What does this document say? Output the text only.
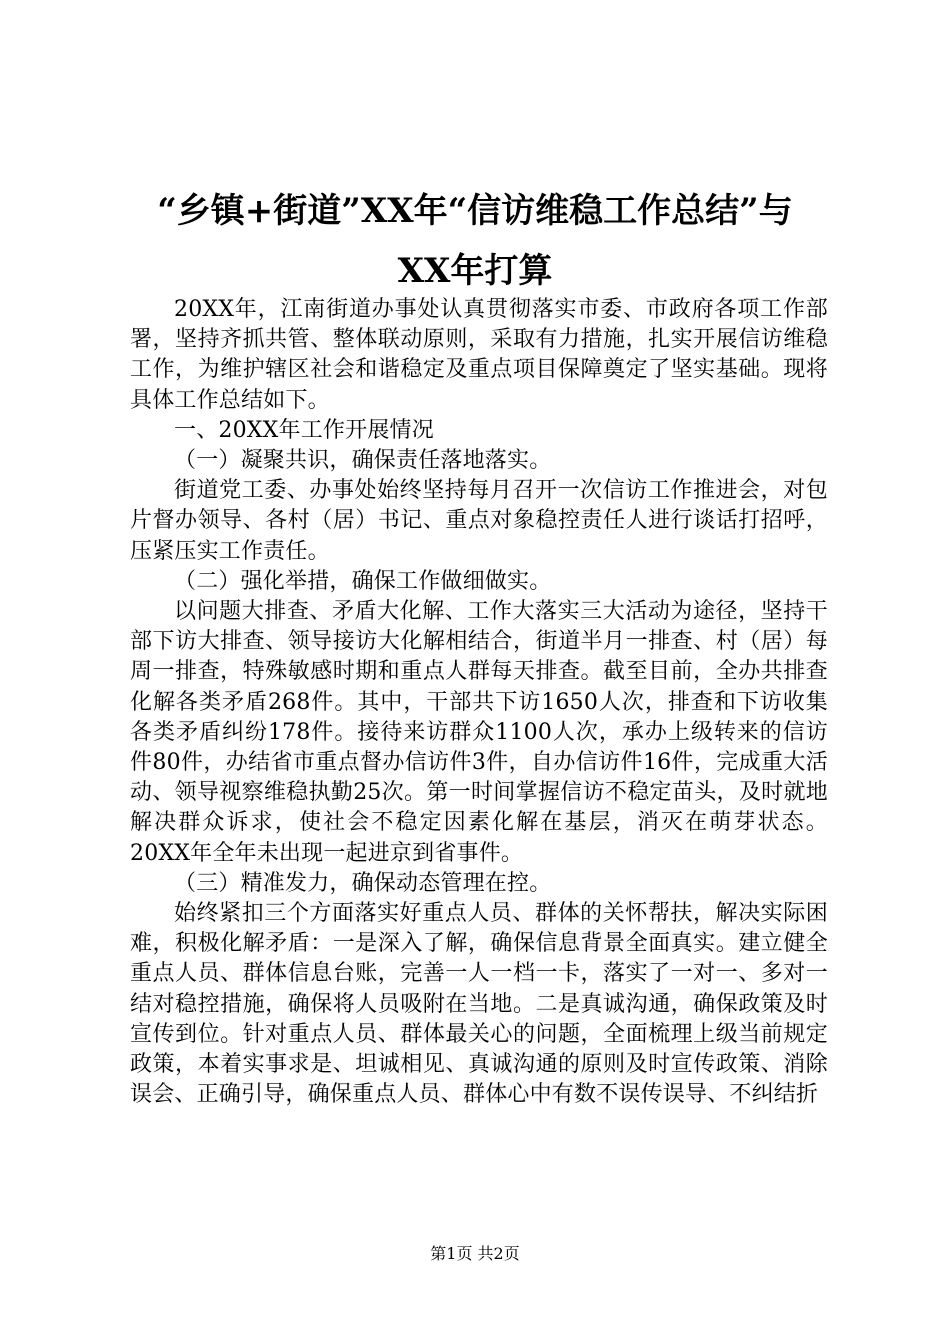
“乡镇+街道”XX年“信访维稳工作总结”与
XX年打算

20XX年，江南街道办事处认真贯彻落实市委、市政府各项工作部署，坚持齐抓共管、整体联动原则，采取有力措施，扎实开展信访维稳工作，为维护辖区社会和谐稳定及重点项目保障奠定了坚实基础。现将具体工作总结如下。

一、20XX年工作开展情况

（一）凝聚共识，确保责任落地落实。

街道党工委、办事处始终坚持每月召开一次信访工作推进会，对包片督办领导、各村（居）书记、重点对象稳控责任人进行谈话打招呼，压紧压实工作责任。

（二）强化举措，确保工作做细做实。

以问题大排查、矛盾大化解、工作大落实三大活动为途径，坚持干部下访大排查、领导接访大化解相结合，街道半月一排查、村（居）每周一排查，特殊敏感时期和重点人群每天排查。截至目前，全办共排查化解各类矛盾268件。其中，干部共下访1650人次，排查和下访收集各类矛盾纠纷178件。接待来访群众1100人次，承办上级转来的信访件80件，办结省市重点督办信访件3件，自办信访件16件，完成重大活动、领导视察维稳执勤25次。第一时间掌握信访不稳定苗头，及时就地解决群众诉求，使社会不稳定因素化解在基层，消灭在萌芽状态。20XX年全年未出现一起进京到省事件。

（三）精准发力，确保动态管理在控。

始终紧扣三个方面落实好重点人员、群体的关怀帮扶，解决实际困难，积极化解矛盾：一是深入了解，确保信息背景全面真实。建立健全重点人员、群体信息台账，完善一人一档一卡，落实了一对一、多对一结对稳控措施，确保将人员吸附在当地。二是真诚沟通，确保政策及时宣传到位。针对重点人员、群体最关心的问题，全面梳理上级当前规定政策，本着实事求是、坦诚相见、真诚沟通的原则及时宣传政策、消除误会、正确引导，确保重点人员、群体心中有数不误传误导、不纠结折

第1页 共2页
